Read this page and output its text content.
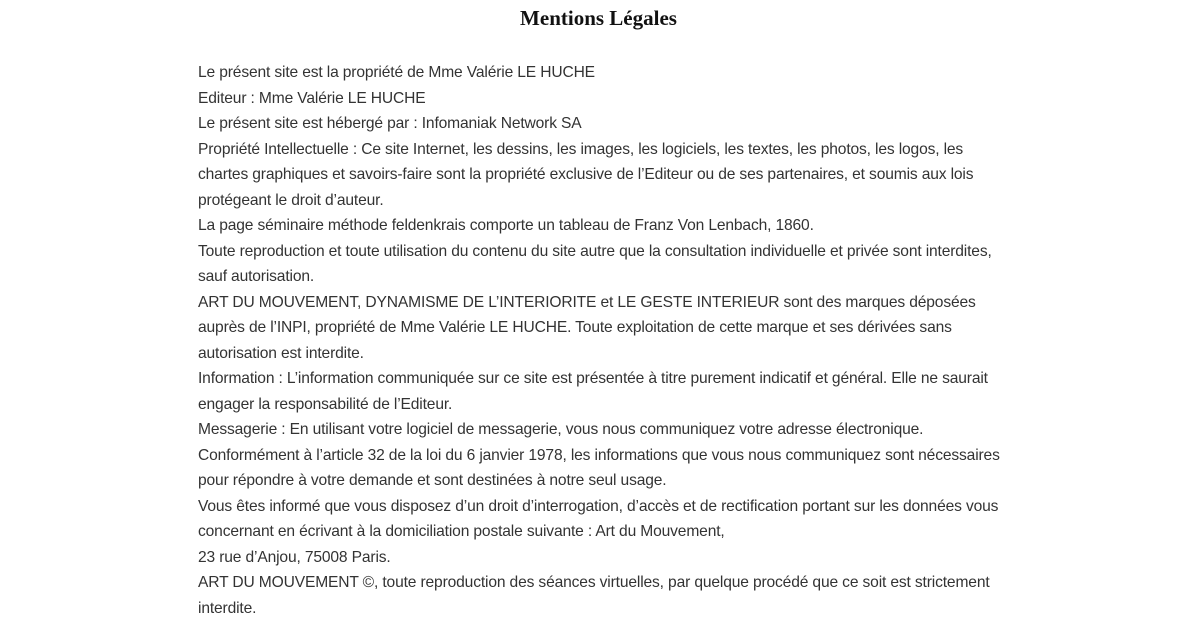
Mentions Légales

Le présent site est la propriété de Mme Valérie LE HUCHE

Editeur : Mme Valérie LE HUCHE

Le présent site est hébergé par : Infomaniak Network SA

Propriété Intellectuelle : Ce site Internet, les dessins, les images, les logiciels, les textes, les photos, les logos, les chartes graphiques et savoirs-faire sont la propriété exclusive de l’Editeur ou de ses partenaires, et soumis aux lois protégeant le droit d’auteur.

La page séminaire méthode feldenkrais comporte un tableau de Franz Von Lenbach, 1860.

Toute reproduction et toute utilisation du contenu du site autre que la consultation individuelle et privée sont interdites, sauf autorisation.

ART DU MOUVEMENT, DYNAMISME DE L’INTERIORITE et LE GESTE INTERIEUR sont des marques déposées auprès de l’INPI, propriété de Mme Valérie LE HUCHE. Toute exploitation de cette marque et ses dérivées sans autorisation est interdite.

Information : L’information communiquée sur ce site est présentée à titre purement indicatif et général. Elle ne saurait engager la responsabilité de l’Editeur.

Messagerie : En utilisant votre logiciel de messagerie, vous nous communiquez votre adresse électronique.

Conformément à l’article 32 de la loi du 6 janvier 1978, les informations que vous nous communiquez sont nécessaires pour répondre à votre demande et sont destinées à notre seul usage.

Vous êtes informé que vous disposez d’un droit d’interrogation, d’accès et de rectification portant sur les données vous concernant en écrivant à la domiciliation postale suivante : Art du Mouvement,

23 rue d’Anjou, 75008 Paris.

ART DU MOUVEMENT ©, toute reproduction des séances virtuelles, par quelque procédé que ce soit est strictement interdite.
